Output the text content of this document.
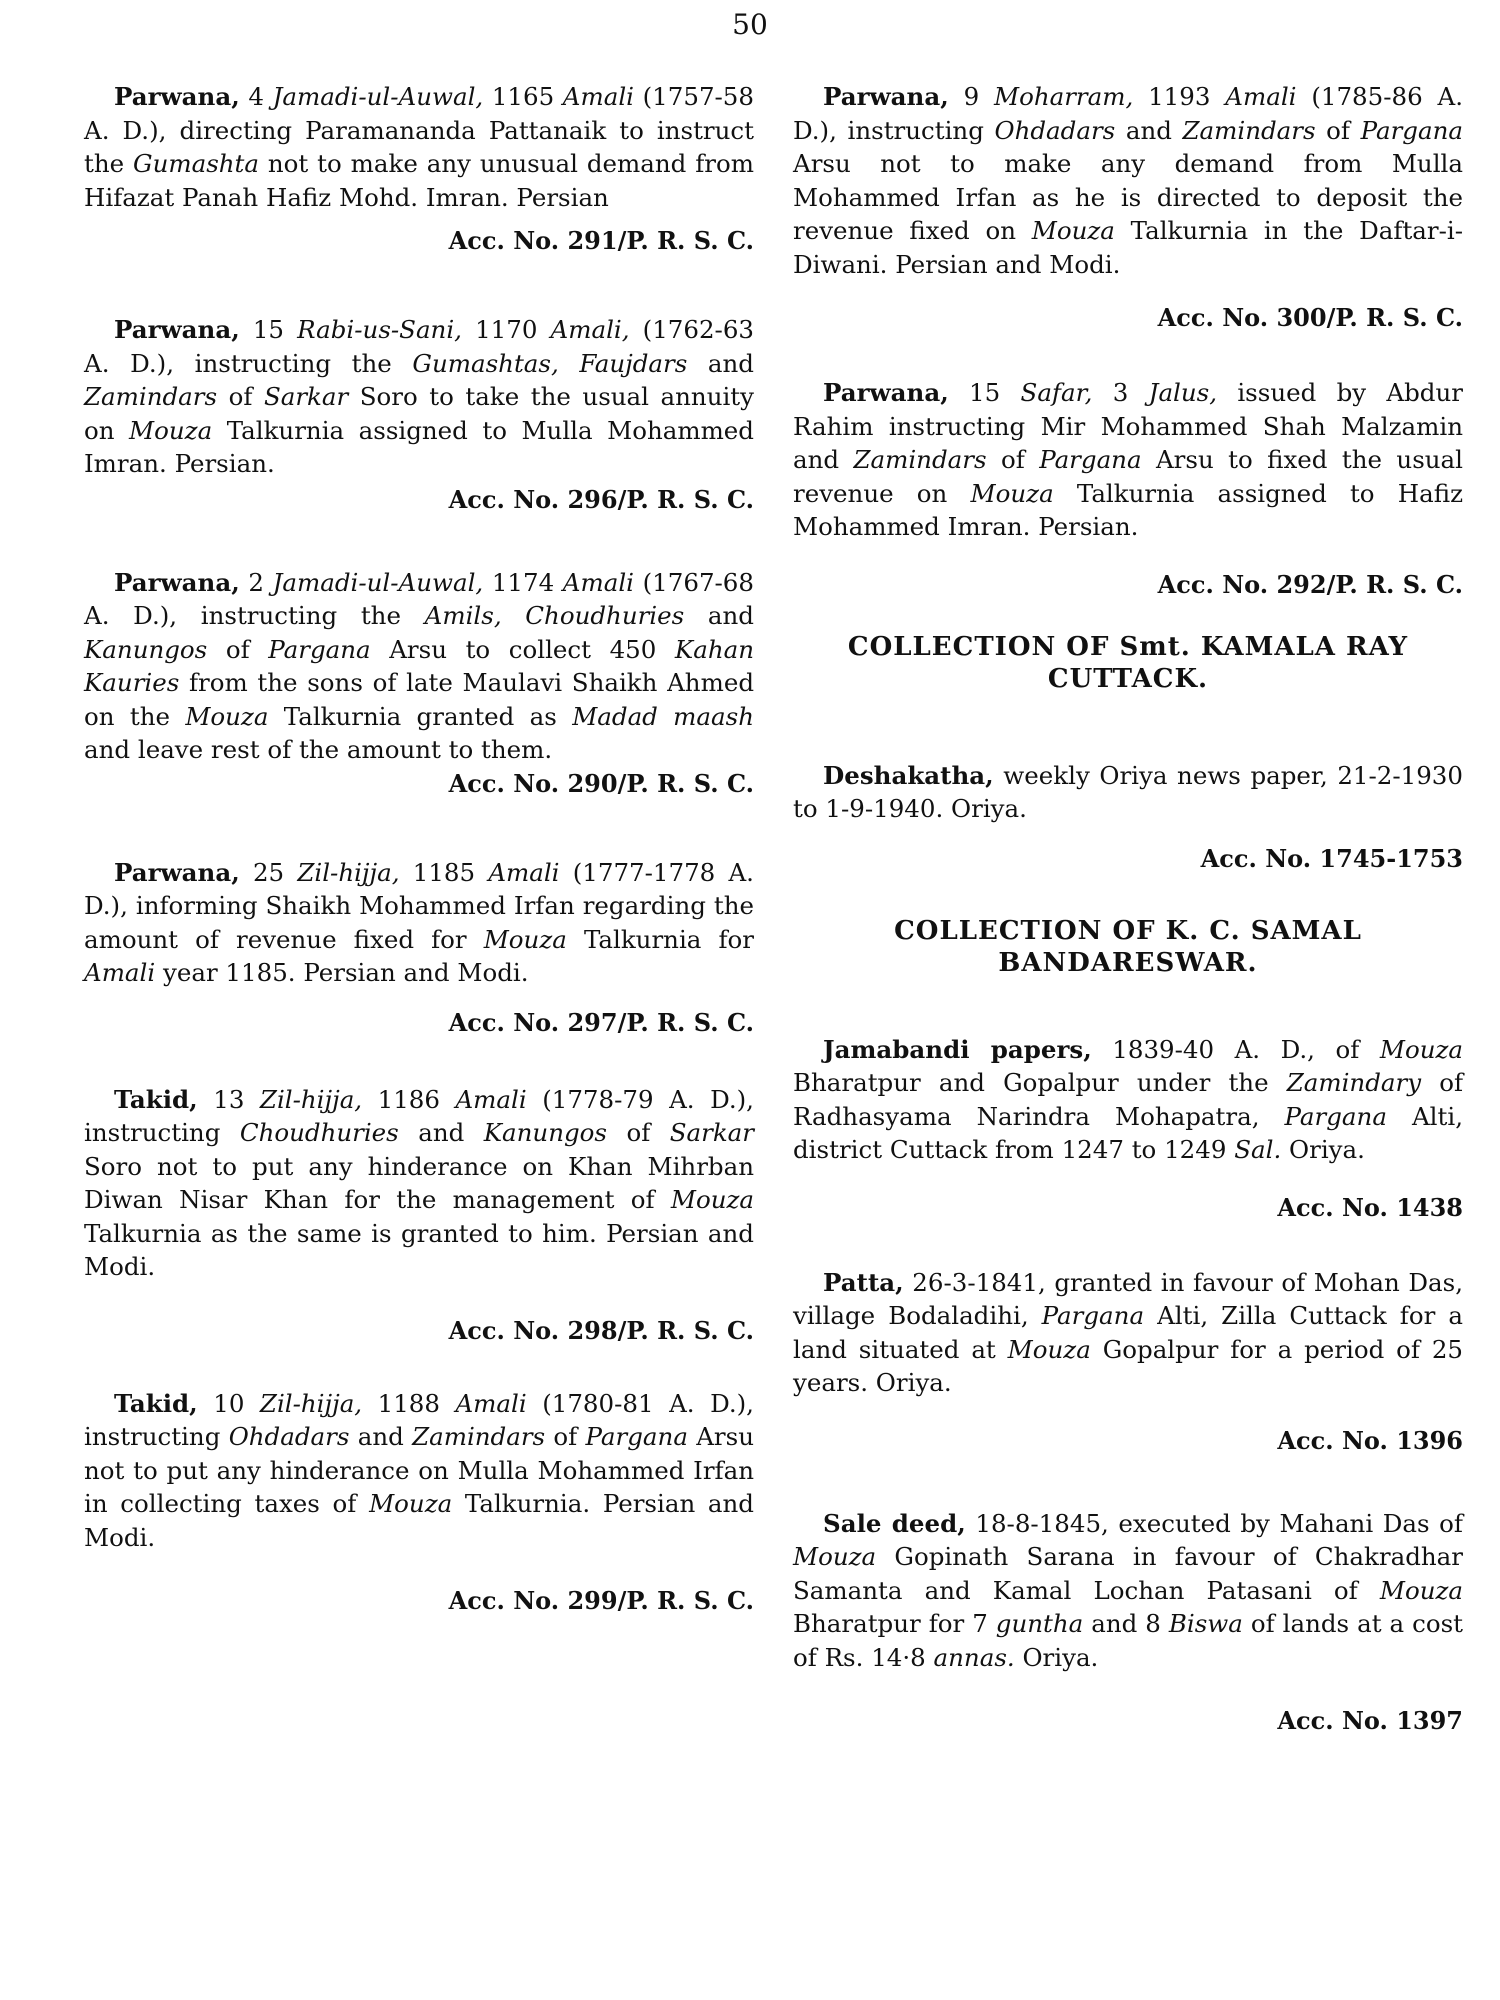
50
Parwana, 4 Jamadi-ul-Auwal, 1165 Amali (1757-58 A. D.), directing Paramananda Pattanaik to instruct the Gumashta not to make any unusual demand from Hifazat Panah Hafiz Mohd. Imran. Persian
Acc. No. 291/P. R. S. C.
Parwana, 15 Rabi-us-Sani, 1170 Amali, (1762-63 A. D.), instructing the Gumashtas, Faujdars and Zamindars of Sarkar Soro to take the usual annuity on Mouza Talkurnia assigned to Mulla Mohammed Imran. Persian.
Acc. No. 296/P. R. S. C.
Parwana, 2 Jamadi-ul-Auwal, 1174 Amali (1767-68 A. D.), instructing the Amils, Choudhuries and Kanungos of Pargana Arsu to collect 450 Kahan Kauries from the sons of late Maulavi Shaikh Ahmed on the Mouza Talkurnia granted as Madad maash and leave rest of the amount to them.
Acc. No. 290/P. R. S. C.
Parwana, 25 Zil-hijja, 1185 Amali (1777-1778 A. D.), informing Shaikh Mohammed Irfan regarding the amount of revenue fixed for Mouza Talkurnia for Amali year 1185. Persian and Modi.
Acc. No. 297/P. R. S. C.
Takid, 13 Zil-hijja, 1186 Amali (1778-79 A. D.), instructing Choudhuries and Kanungos of Sarkar Soro not to put any hinderance on Khan Mihrban Diwan Nisar Khan for the management of Mouza Talkurnia as the same is granted to him. Persian and Modi.
Acc. No. 298/P. R. S. C.
Takid, 10 Zil-hijja, 1188 Amali (1780-81 A. D.), instructing Ohdadars and Zamindars of Pargana Arsu not to put any hinderance on Mulla Mohammed Irfan in collecting taxes of Mouza Talkurnia. Persian and Modi.
Acc. No. 299/P. R. S. C.
Parwana, 9 Moharram, 1193 Amali (1785-86 A. D.), instructing Ohdadars and Zamindars of Pargana Arsu not to make any demand from Mulla Mohammed Irfan as he is directed to deposit the revenue fixed on Mouza Talkurnia in the Daftar-i-Diwani. Persian and Modi.
Acc. No. 300/P. R. S. C.
Parwana, 15 Safar, 3 Jalus, issued by Abdur Rahim instructing Mir Mohammed Shah Malzamin and Zamindars of Pargana Arsu to fixed the usual revenue on Mouza Talkurnia assigned to Hafiz Mohammed Imran. Persian.
Acc. No. 292/P. R. S. C.
COLLECTION OF Smt. KAMALA RAY CUTTACK.
Deshakatha, weekly Oriya news paper, 21-2-1930 to 1-9-1940. Oriya.
Acc. No. 1745-1753
COLLECTION OF K. C. SAMAL BANDARESWAR.
Jamabandi papers, 1839-40 A. D., of Mouza Bharatpur and Gopalpur under the Zamindary of Radhasyama Narindra Mohapatra, Pargana Alti, district Cuttack from 1247 to 1249 Sal. Oriya.
Acc. No. 1438
Patta, 26-3-1841, granted in favour of Mohan Das, village Bodaladihi, Pargana Alti, Zilla Cuttack for a land situated at Mouza Gopalpur for a period of 25 years. Oriya.
Acc. No. 1396
Sale deed, 18-8-1845, executed by Mahani Das of Mouza Gopinath Sarana in favour of Chakradhar Samanta and Kamal Lochan Patasani of Mouza Bharatpur for 7 guntha and 8 Biswa of lands at a cost of Rs. 14·8 annas. Oriya.
Acc. No. 1397
